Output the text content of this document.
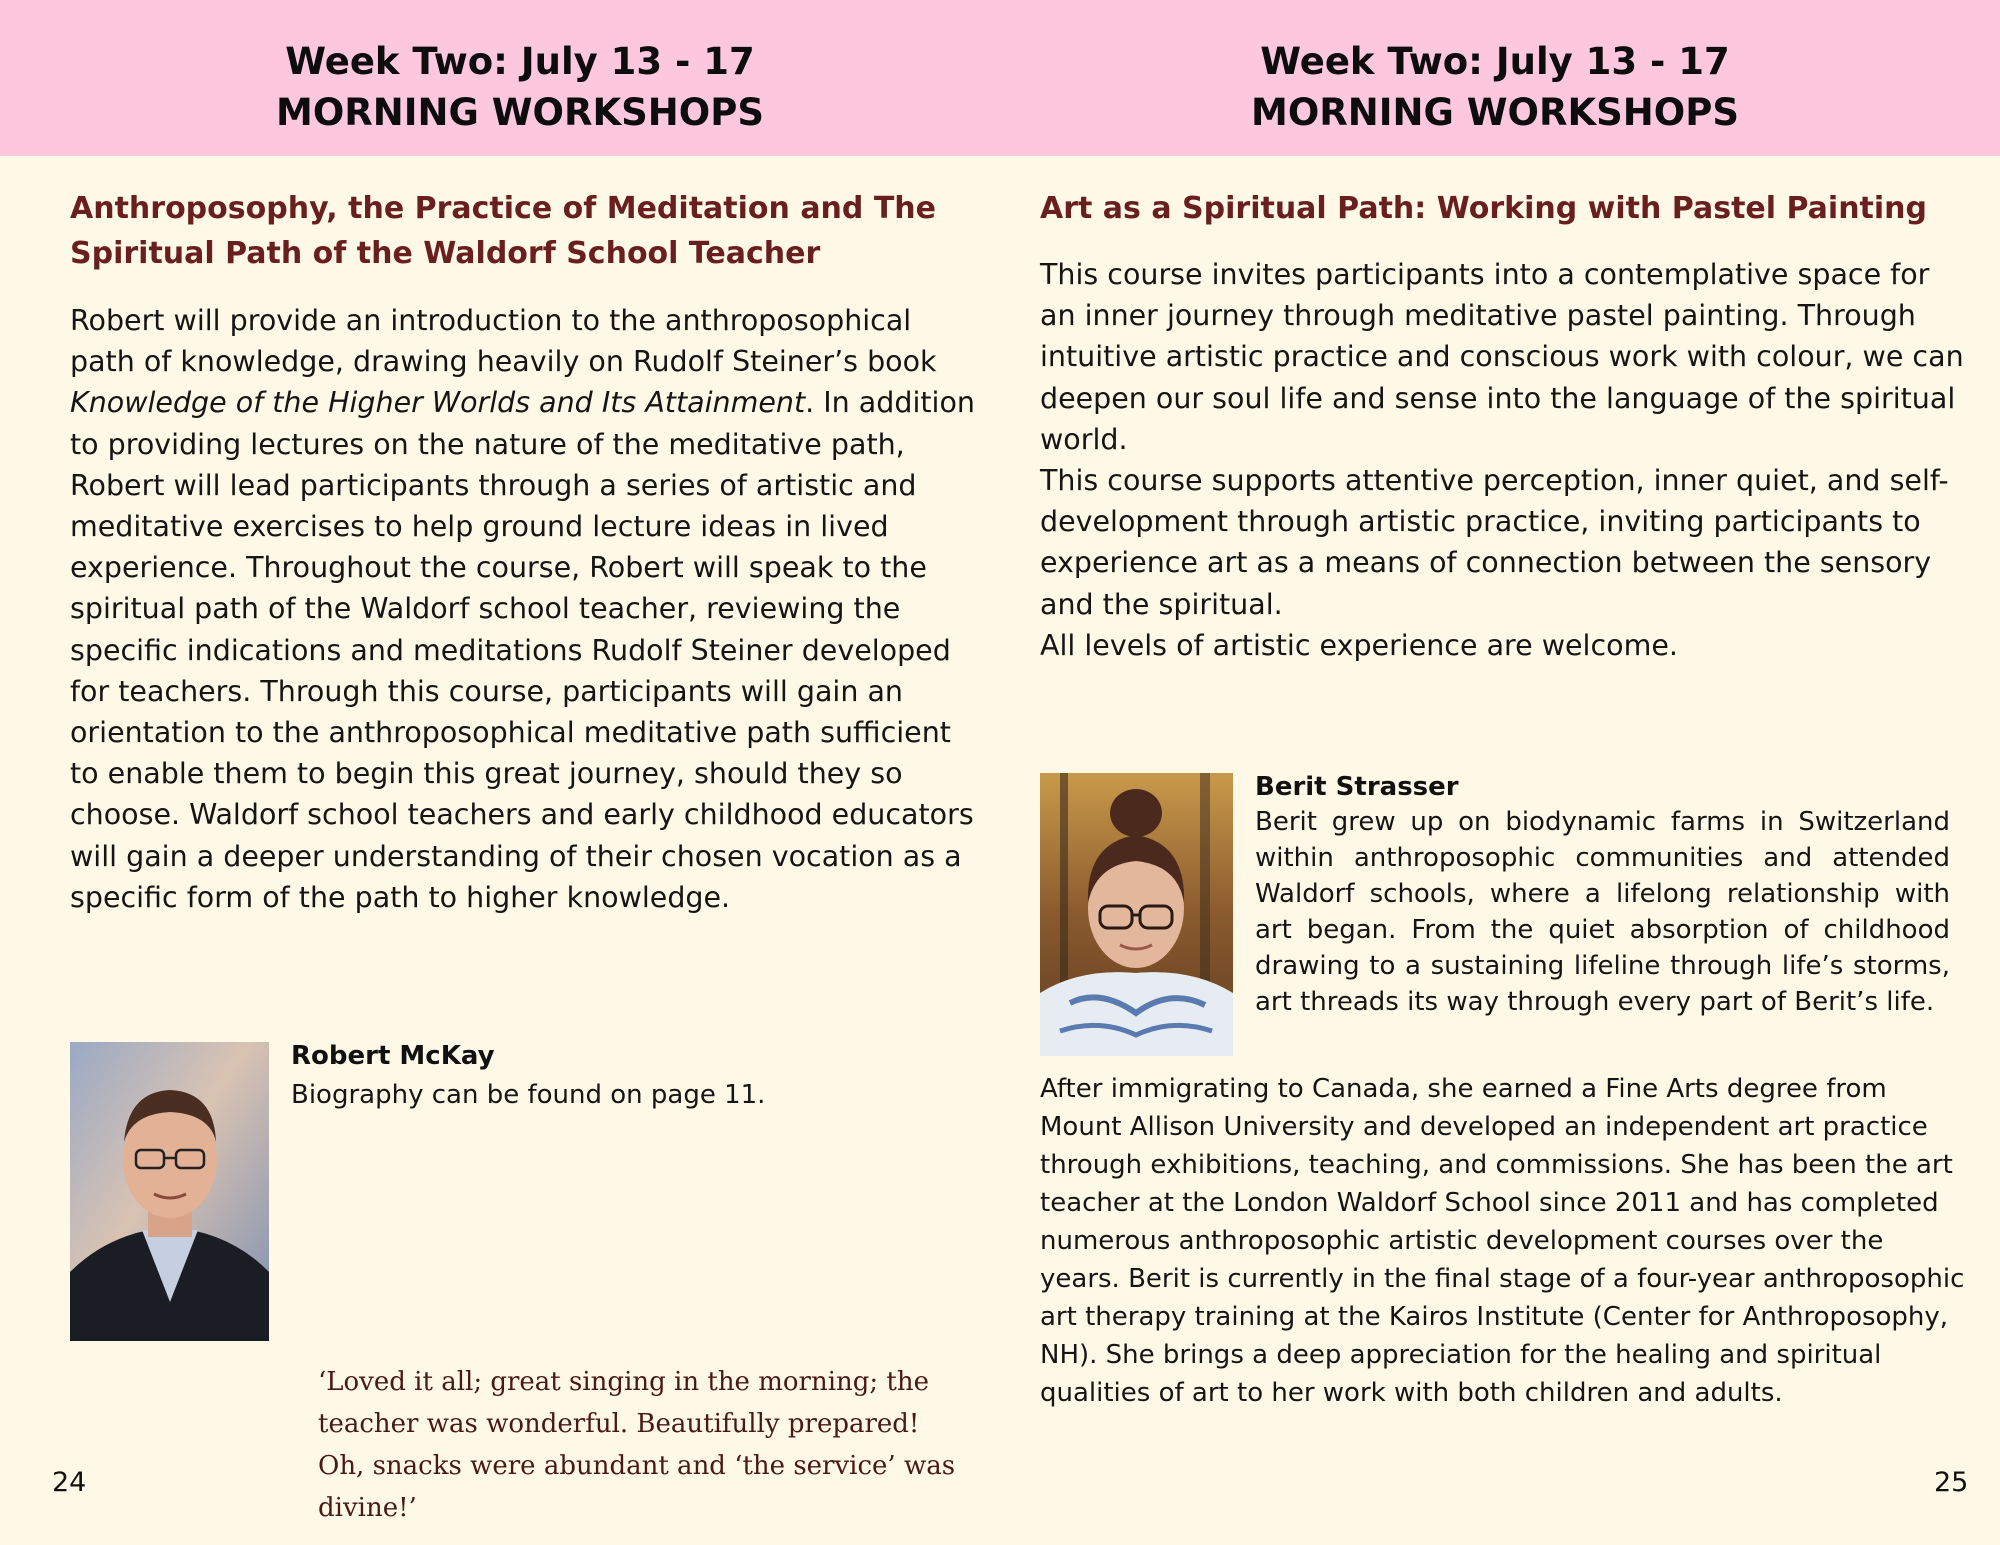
Week Two: July 13 - 17
MORNING WORKSHOPS
Week Two: July 13 - 17
MORNING WORKSHOPS
Anthroposophy, the Practice of Meditation and The Spiritual Path of the Waldorf School Teacher

Robert will provide an introduction to the anthroposophical path of knowledge, drawing heavily on Rudolf Steiner’s book Knowledge of the Higher Worlds and Its Attainment. In addition to providing lectures on the nature of the meditative path, Robert will lead participants through a series of artistic and meditative exercises to help ground lecture ideas in lived experience. Throughout the course, Robert will speak to the spiritual path of the Waldorf school teacher, reviewing the specific indications and meditations Rudolf Steiner developed for teachers. Through this course, participants will gain an orientation to the anthroposophical meditative path sufficient to enable them to begin this great journey, should they so choose. Waldorf school teachers and early childhood educators will gain a deeper understanding of their chosen vocation as a specific form of the path to higher knowledge.

Robert McKay
Biography can be found on page 11.
‘Loved it all; great singing in the morning; the teacher was wonderful. Beautifully prepared! Oh, snacks were abundant and ‘the service’ was divine!’
24
Art as a Spiritual Path: Working with Pastel Painting

This course invites participants into a contemplative space for an inner journey through meditative pastel painting. Through intuitive artistic practice and conscious work with colour, we can deepen our soul life and sense into the language of the spiritual world.

This course supports attentive perception, inner quiet, and self-development through artistic practice, inviting participants to experience art as a means of connection between the sensory and the spiritual.

All levels of artistic experience are welcome.

Berit Strasser
Berit grew up on biodynamic farms in Switzerland within anthroposophic communities and attended Waldorf schools, where a lifelong relationship with art began. From the quiet absorption of childhood drawing to a sustaining lifeline through life’s storms, art threads its way through every part of Berit’s life.
After immigrating to Canada, she earned a Fine Arts degree from Mount Allison University and developed an independent art practice through exhibitions, teaching, and commissions. She has been the art teacher at the London Waldorf School since 2011 and has completed numerous anthroposophic artistic development courses over the years. Berit is currently in the final stage of a four-year anthroposophic art therapy training at the Kairos Institute (Center for Anthroposophy, NH). She brings a deep appreciation for the healing and spiritual qualities of art to her work with both children and adults.
25
